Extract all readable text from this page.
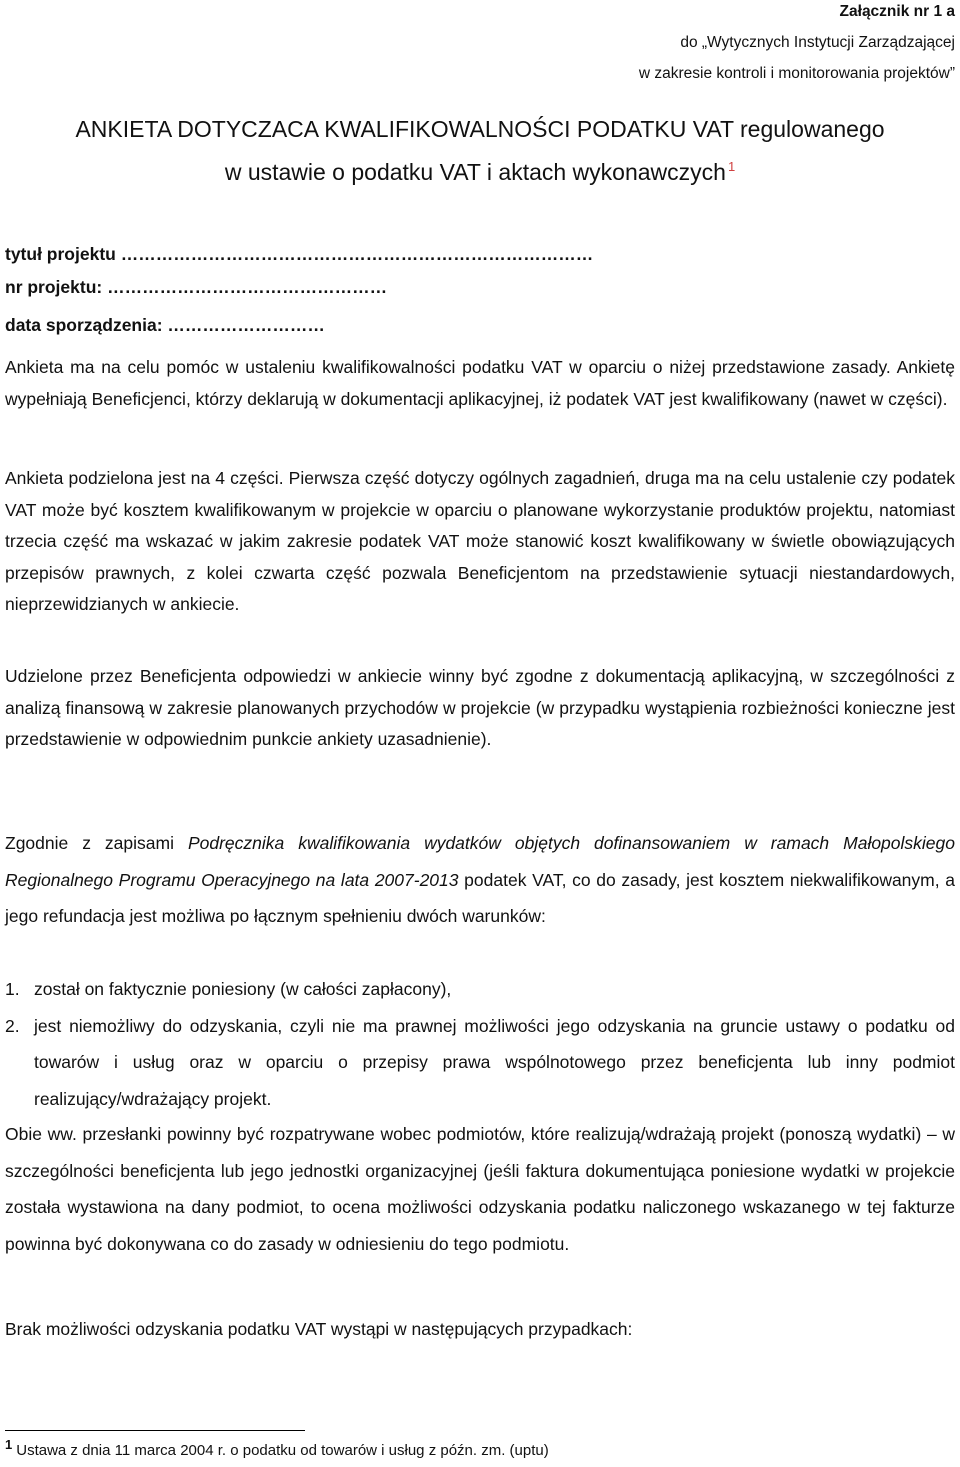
Załącznik nr 1 a
do „Wytycznych Instytucji Zarządzającej
w zakresie kontroli i monitorowania projektów”
ANKIETA DOTYCZACA KWALIFIKOWALNOŚCI PODATKU VAT regulowanego
w ustawie o podatku VAT i aktach wykonawczych $^1$
tytuł projektu ………………………………………………………………………
nr projektu: …………………………………………
data sporządzenia: ………………………
Ankieta ma na celu pomóc w ustaleniu kwalifikowalności podatku VAT w oparciu o niżej przedstawione zasady. Ankietę wypełniają Beneficjenci, którzy deklarują w dokumentacji aplikacyjnej, iż podatek VAT jest kwalifikowany (nawet w części).
Ankieta podzielona jest na 4 części. Pierwsza część dotyczy ogólnych zagadnień, druga ma na celu ustalenie czy podatek VAT może być kosztem kwalifikowanym w projekcie w oparciu o planowane wykorzystanie produktów projektu, natomiast trzecia część ma wskazać w jakim zakresie podatek VAT może stanowić koszt kwalifikowany w świetle obowiązujących przepisów prawnych, z kolei czwarta część pozwala Beneficjentom na przedstawienie sytuacji niestandardowych, nieprzewidzianych w ankiecie.
Udzielone przez Beneficjenta odpowiedzi w ankiecie winny być zgodne z dokumentacją aplikacyjną, w szczególności z analizą finansową w zakresie planowanych przychodów w projekcie (w przypadku wystąpienia rozbieżności konieczne jest przedstawienie w odpowiednim punkcie ankiety uzasadnienie).
Zgodnie z zapisami Podręcznika kwalifikowania wydatków objętych dofinansowaniem w ramach Małopolskiego Regionalnego Programu Operacyjnego na lata 2007-2013 podatek VAT, co do zasady, jest kosztem niekwalifikowanym, a jego refundacja jest możliwa po łącznym spełnieniu dwóch warunków:
1. został on faktycznie poniesiony (w całości zapłacony),
2. jest niemożliwy do odzyskania, czyli nie ma prawnej możliwości jego odzyskania na gruncie ustawy o podatku od towarów i usług oraz w oparciu o przepisy prawa wspólnotowego przez beneficjenta lub inny podmiot realizujący/wdrażający projekt.
Obie ww. przesłanki powinny być rozpatrywane wobec podmiotów, które realizują/wdrażają projekt (ponoszą wydatki) – w szczególności beneficjenta lub jego jednostki organizacyjnej (jeśli faktura dokumentująca poniesione wydatki w projekcie została wystawiona na dany podmiot, to ocena możliwości odzyskania podatku naliczonego wskazanego w tej fakturze powinna być dokonywana co do zasady w odniesieniu do tego podmiotu.
Brak możliwości odzyskania podatku VAT wystąpi w następujących przypadkach:
1 Ustawa z dnia 11 marca 2004 r. o podatku od towarów i usług z późn. zm. (uptu)
